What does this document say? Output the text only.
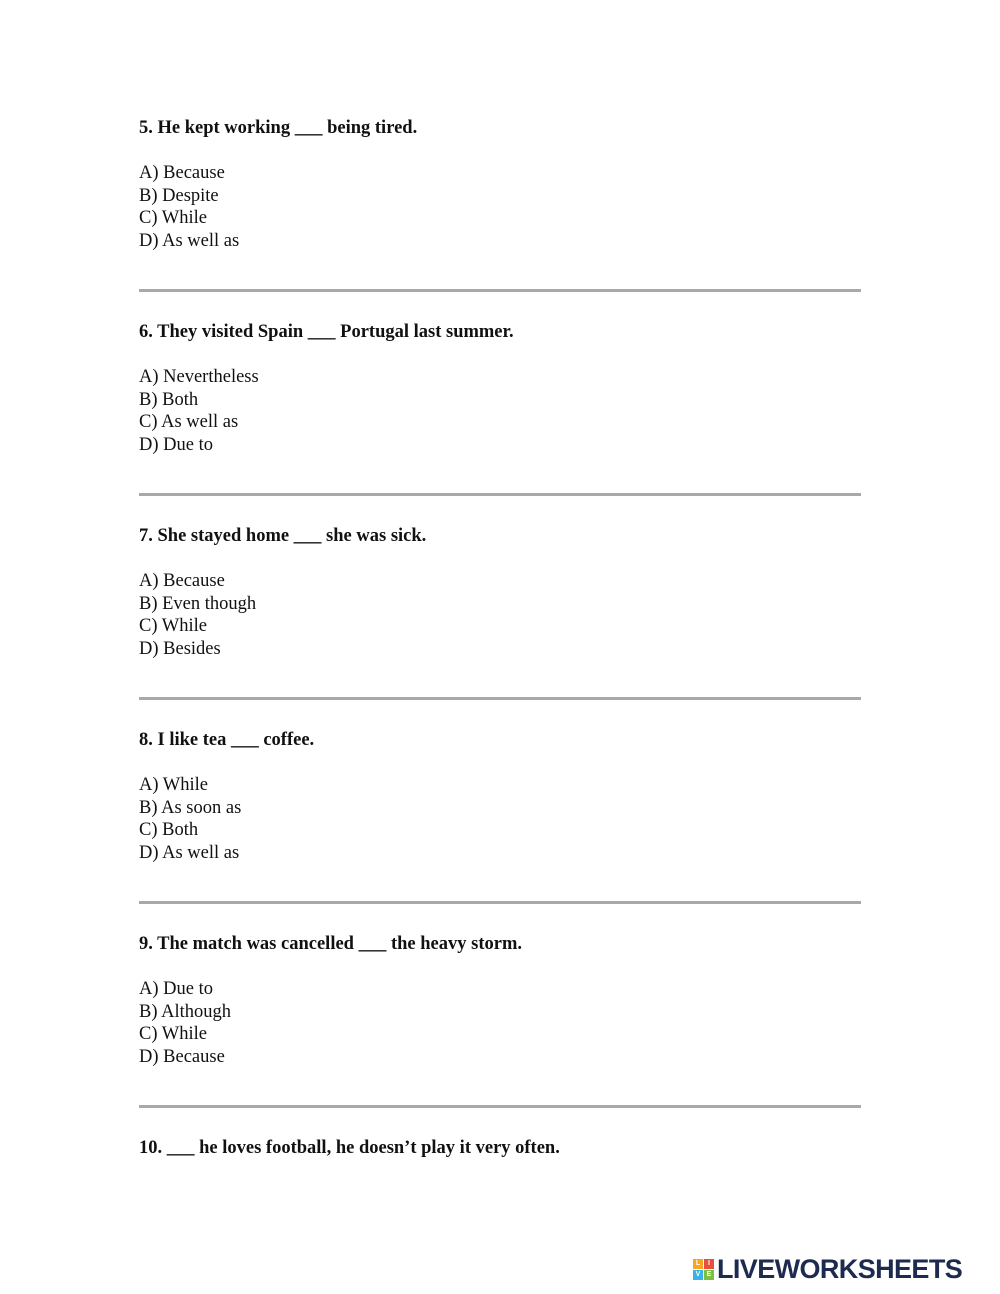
5. He kept working ___ being tired.

A) Because
B) Despite
C) While
D) As well as

6. They visited Spain ___ Portugal last summer.

A) Nevertheless
B) Both
C) As well as
D) Due to

7. She stayed home ___ she was sick.

A) Because
B) Even though
C) While
D) Besides

8. I like tea ___ coffee.

A) While
B) As soon as
C) Both
D) As well as

9. The match was cancelled ___ the heavy storm.

A) Due to
B) Although
C) While
D) Because

10. ___ he loves football, he doesn’t play it very often.

L	I
V E LIVEWORKSHEETS
